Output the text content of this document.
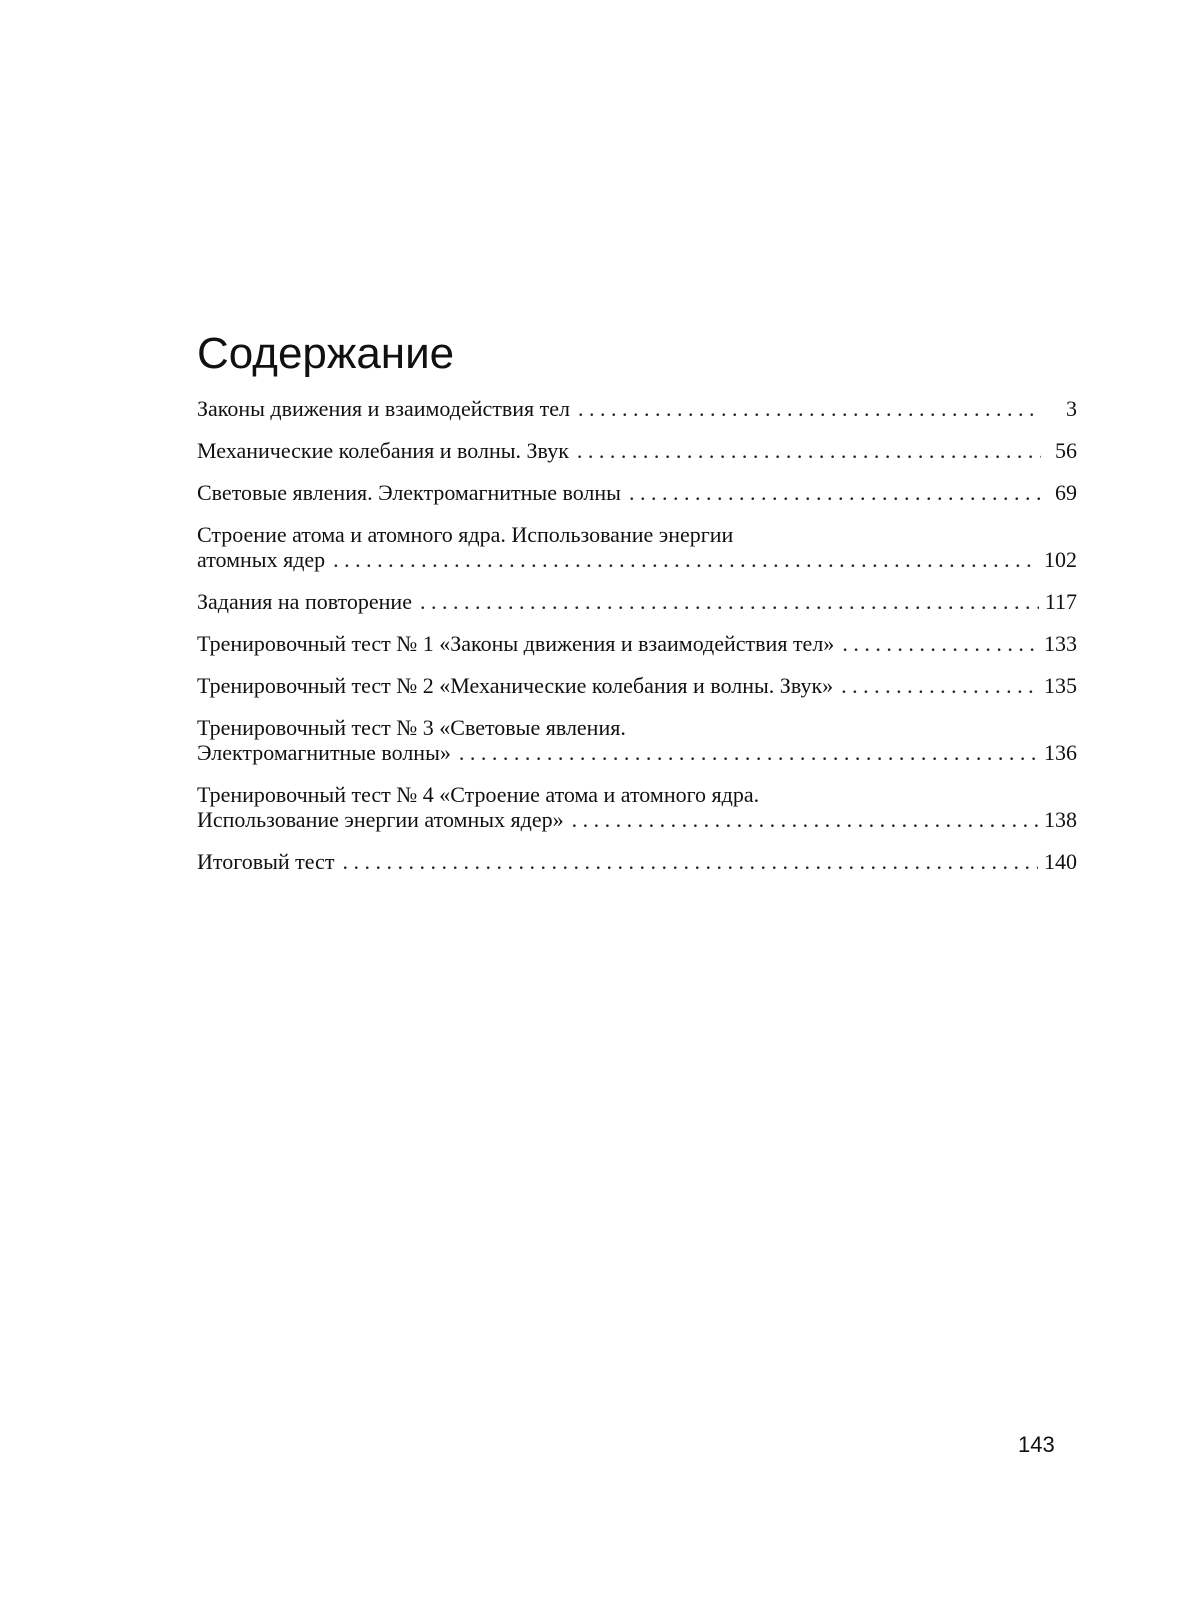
Содержание
Законы движения и взаимодействия тел . . .	3
Механические колебания и волны. Звук . . .	56
Световые явления. Электромагнитные волны . . .	69
Строение атома и атомного ядра. Использование энергии
атомных ядер . . .	102
Задания на повторение . . .	117
Тренировочный тест № 1 «Законы движения и взаимодействия тел» . . .	133
Тренировочный тест № 2 «Механические колебания и волны. Звук» . . .	135
Тренировочный тест № 3 «Световые явления.
Электромагнитные волны» . . .	136
Тренировочный тест № 4 «Строение атома и атомного ядра.
Использование энергии атомных ядер» . . .	138
Итоговый тест . . .	140
143
